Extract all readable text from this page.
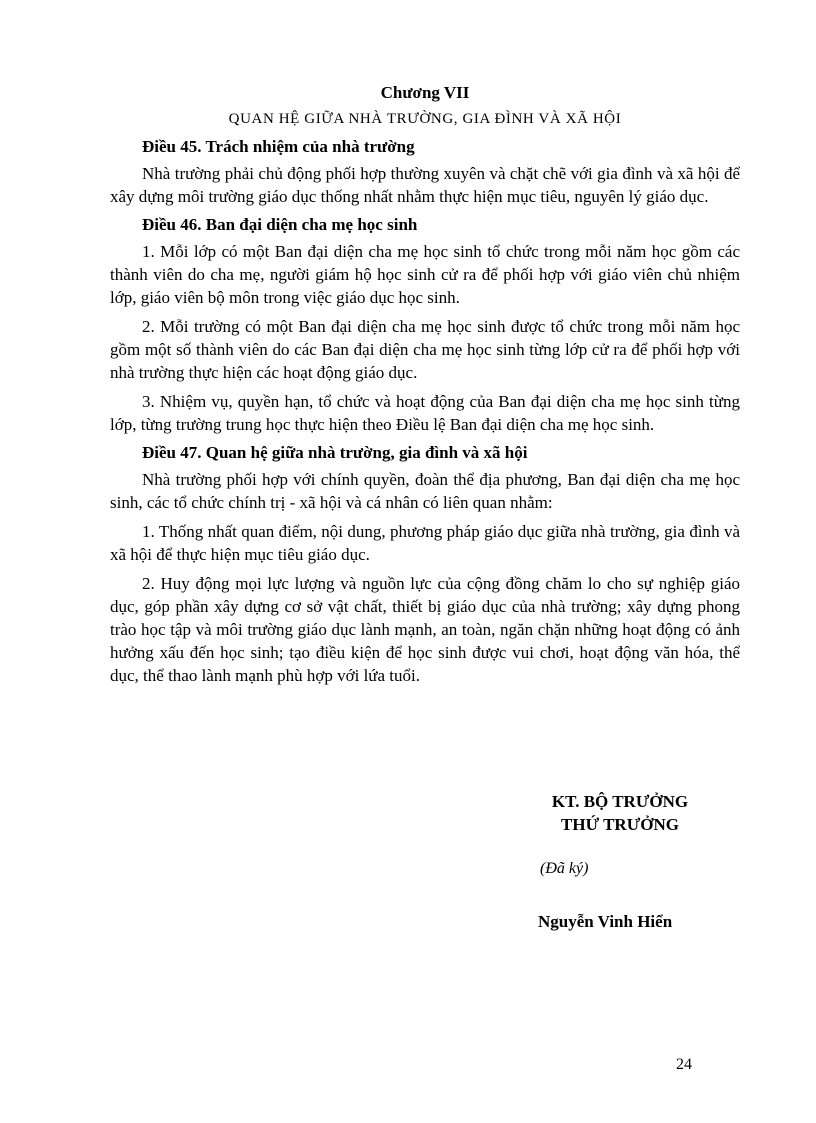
Chương VII

QUAN HỆ GIỮA NHÀ TRƯỜNG, GIA ĐÌNH VÀ XÃ HỘI

Điều 45. Trách nhiệm của nhà trường

Nhà trường phải chủ động phối hợp thường xuyên và chặt chẽ với gia đình và xã hội để xây dựng môi trường giáo dục thống nhất nhằm thực hiện mục tiêu, nguyên lý giáo dục.

Điều 46. Ban đại diện cha mẹ học sinh

1. Mỗi lớp có một Ban đại diện cha mẹ học sinh tổ chức trong mỗi năm học gồm các thành viên do cha mẹ, người giám hộ học sinh cử ra để phối hợp với giáo viên chủ nhiệm lớp, giáo viên bộ môn trong việc giáo dục học sinh.

2. Mỗi trường có một Ban đại diện cha mẹ học sinh được tổ chức trong mỗi năm học gồm một số thành viên do các Ban đại diện cha mẹ học sinh từng lớp cử ra để phối hợp với nhà trường thực hiện các hoạt động giáo dục.

3. Nhiệm vụ, quyền hạn, tổ chức và hoạt động của Ban đại diện cha mẹ học sinh từng lớp, từng trường trung học thực hiện theo Điều lệ Ban đại diện cha mẹ học sinh.

Điều 47. Quan hệ giữa nhà trường, gia đình và xã hội

Nhà trường phối hợp với chính quyền, đoàn thể địa phương, Ban đại diện cha mẹ học sinh, các tổ chức chính trị - xã hội và cá nhân có liên quan nhằm:

1. Thống nhất quan điểm, nội dung, phương pháp giáo dục giữa nhà trường, gia đình và xã hội để thực hiện mục tiêu giáo dục.

2. Huy động mọi lực lượng và nguồn lực của cộng đồng chăm lo cho sự nghiệp giáo dục, góp phần xây dựng cơ sở vật chất, thiết bị giáo dục của nhà trường; xây dựng phong trào học tập và môi trường giáo dục lành mạnh, an toàn, ngăn chặn những hoạt động có ảnh hưởng xấu đến học sinh; tạo điều kiện để học sinh được vui chơi, hoạt động văn hóa, thể dục, thể thao lành mạnh phù hợp với lứa tuổi.

KT. BỘ TRƯỞNG

THỨ TRƯỞNG

(Đã ký)

Nguyễn Vinh Hiển

24
